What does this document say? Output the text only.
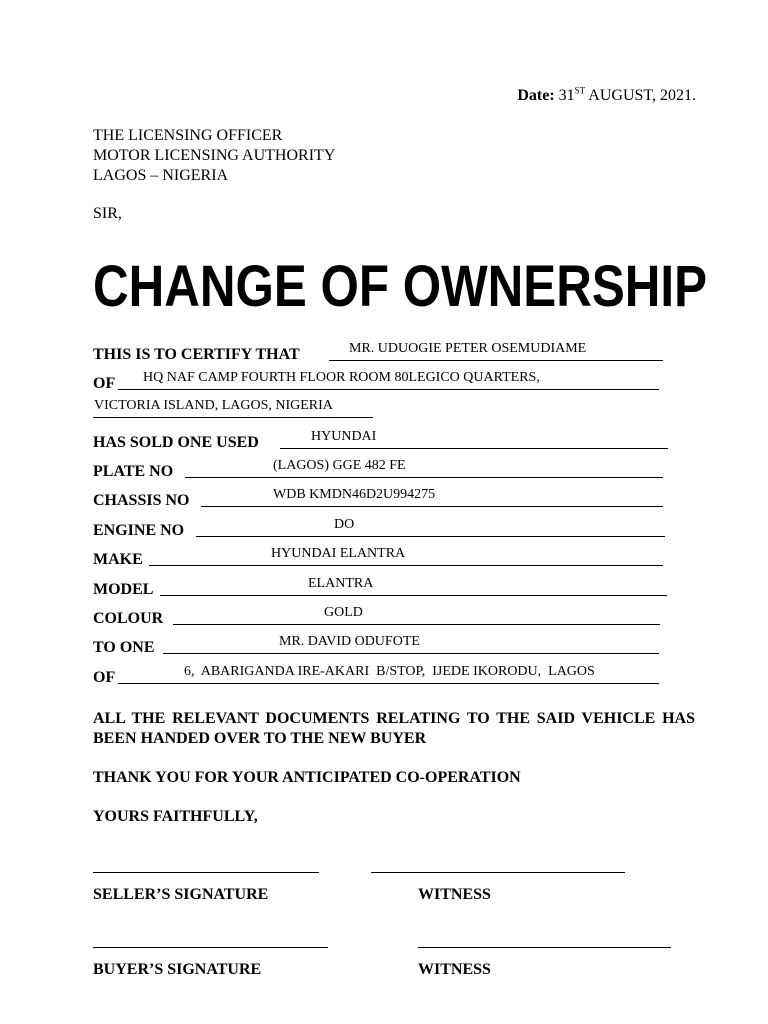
Date: 31ST AUGUST, 2021.
THE LICENSING OFFICER
MOTOR LICENSING AUTHORITY
LAGOS – NIGERIA
SIR,
CHANGE OF OWNERSHIP
THIS IS TO CERTIFY THAT	MR. UDUOGIE PETER OSEMUDIAME
OF HQ NAF CAMP FOURTH FLOOR ROOM 80LEGICO QUARTERS,
VICTORIA ISLAND, LAGOS, NIGERIA
HAS SOLD ONE USED	HYUNDAI
PLATE NO	(LAGOS) GGE 482 FE
CHASSIS NO	WDB KMDN46D2U994275
ENGINE NO	DO
MAKE	HYUNDAI ELANTRA
MODEL	ELANTRA
COLOUR	GOLD
TO ONE	MR. DAVID ODUFOTE
OF	6,  ABARIGANDA IRE-AKARI  B/STOP,  IJEDE IKORODU,  LAGOS
ALL THE RELEVANT DOCUMENTS RELATING TO THE SAID VEHICLE HAS BEEN HANDED OVER TO THE NEW BUYER
THANK YOU FOR YOUR ANTICIPATED CO-OPERATION
YOURS FAITHFULLY,
SELLER’S SIGNATURE	WITNESS
BUYER’S SIGNATURE	WITNESS
